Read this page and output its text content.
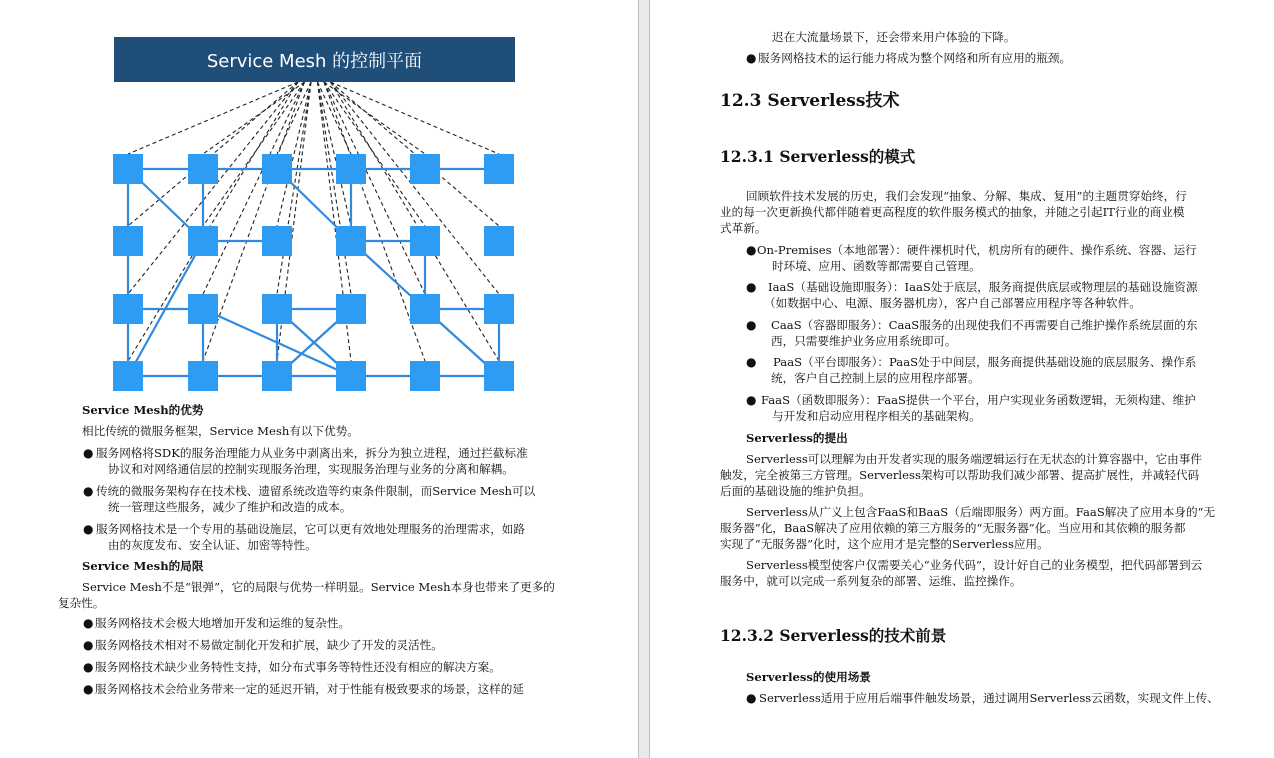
Service Mesh 的控制平面
Service Mesh的优势
相比传统的微服务框架，Service Mesh有以下优势。
● 服务网格将SDK的服务治理能力从业务中剥离出来，拆分为独立进程，通过拦截标准
协议和对网络通信层的控制实现服务治理，实现服务治理与业务的分离和解耦。
● 传统的微服务架构存在技术栈、遗留系统改造等约束条件限制，而Service Mesh可以
统一管理这些服务，减少了维护和改造的成本。
● 服务网格技术是一个专用的基础设施层，它可以更有效地处理服务的治理需求，如路
由的灰度发布、安全认证、加密等特性。
Service Mesh的局限
Service Mesh不是“银弹”，它的局限与优势一样明显。Service Mesh本身也带来了更多的
复杂性。
● 服务网格技术会极大地增加开发和运维的复杂性。
● 服务网格技术相对不易做定制化开发和扩展，缺少了开发的灵活性。
● 服务网格技术缺少业务特性支持，如分布式事务等特性还没有相应的解决方案。
● 服务网格技术会给业务带来一定的延迟开销，对于性能有极致要求的场景，这样的延
迟在大流量场景下，还会带来用户体验的下降。
● 服务网格技术的运行能力将成为整个网络和所有应用的瓶颈。
12.3 Serverless技术
12.3.1 Serverless的模式
回顾软件技术发展的历史，我们会发现“抽象、分解、集成、复用”的主题贯穿始终，行
业的每一次更新换代都伴随着更高程度的软件服务模式的抽象，并随之引起IT行业的商业模
式革新。
● On-Premises（本地部署）：硬件裸机时代，机房所有的硬件、操作系统、容器、运行
时环境、应用、函数等都需要自己管理。
● IaaS（基础设施即服务）：IaaS处于底层，服务商提供底层或物理层的基础设施资源
（如数据中心、电源、服务器机房），客户自己部署应用程序等各种软件。
● CaaS（容器即服务）：CaaS服务的出现使我们不再需要自己维护操作系统层面的东
西，只需要维护业务应用系统即可。
● PaaS（平台即服务）：PaaS处于中间层，服务商提供基础设施的底层服务、操作系
统，客户自己控制上层的应用程序部署。
● FaaS（函数即服务）：FaaS提供一个平台，用户实现业务函数逻辑，无须构建、维护
与开发和启动应用程序相关的基础架构。
Serverless的提出
Serverless可以理解为由开发者实现的服务端逻辑运行在无状态的计算容器中，它由事件
触发，完全被第三方管理。Serverless架构可以帮助我们减少部署、提高扩展性，并减轻代码
后面的基础设施的维护负担。
Serverless从广义上包含FaaS和BaaS（后端即服务）两方面。FaaS解决了应用本身的“无
服务器”化，BaaS解决了应用依赖的第三方服务的“无服务器”化。当应用和其依赖的服务都
实现了“无服务器”化时，这个应用才是完整的Serverless应用。
Serverless模型使客户仅需要关心“业务代码”，设计好自己的业务模型，把代码部署到云
服务中，就可以完成一系列复杂的部署、运维、监控操作。
12.3.2 Serverless的技术前景
Serverless的使用场景
● Serverless适用于应用后端事件触发场景，通过调用Serverless云函数，实现文件上传、
